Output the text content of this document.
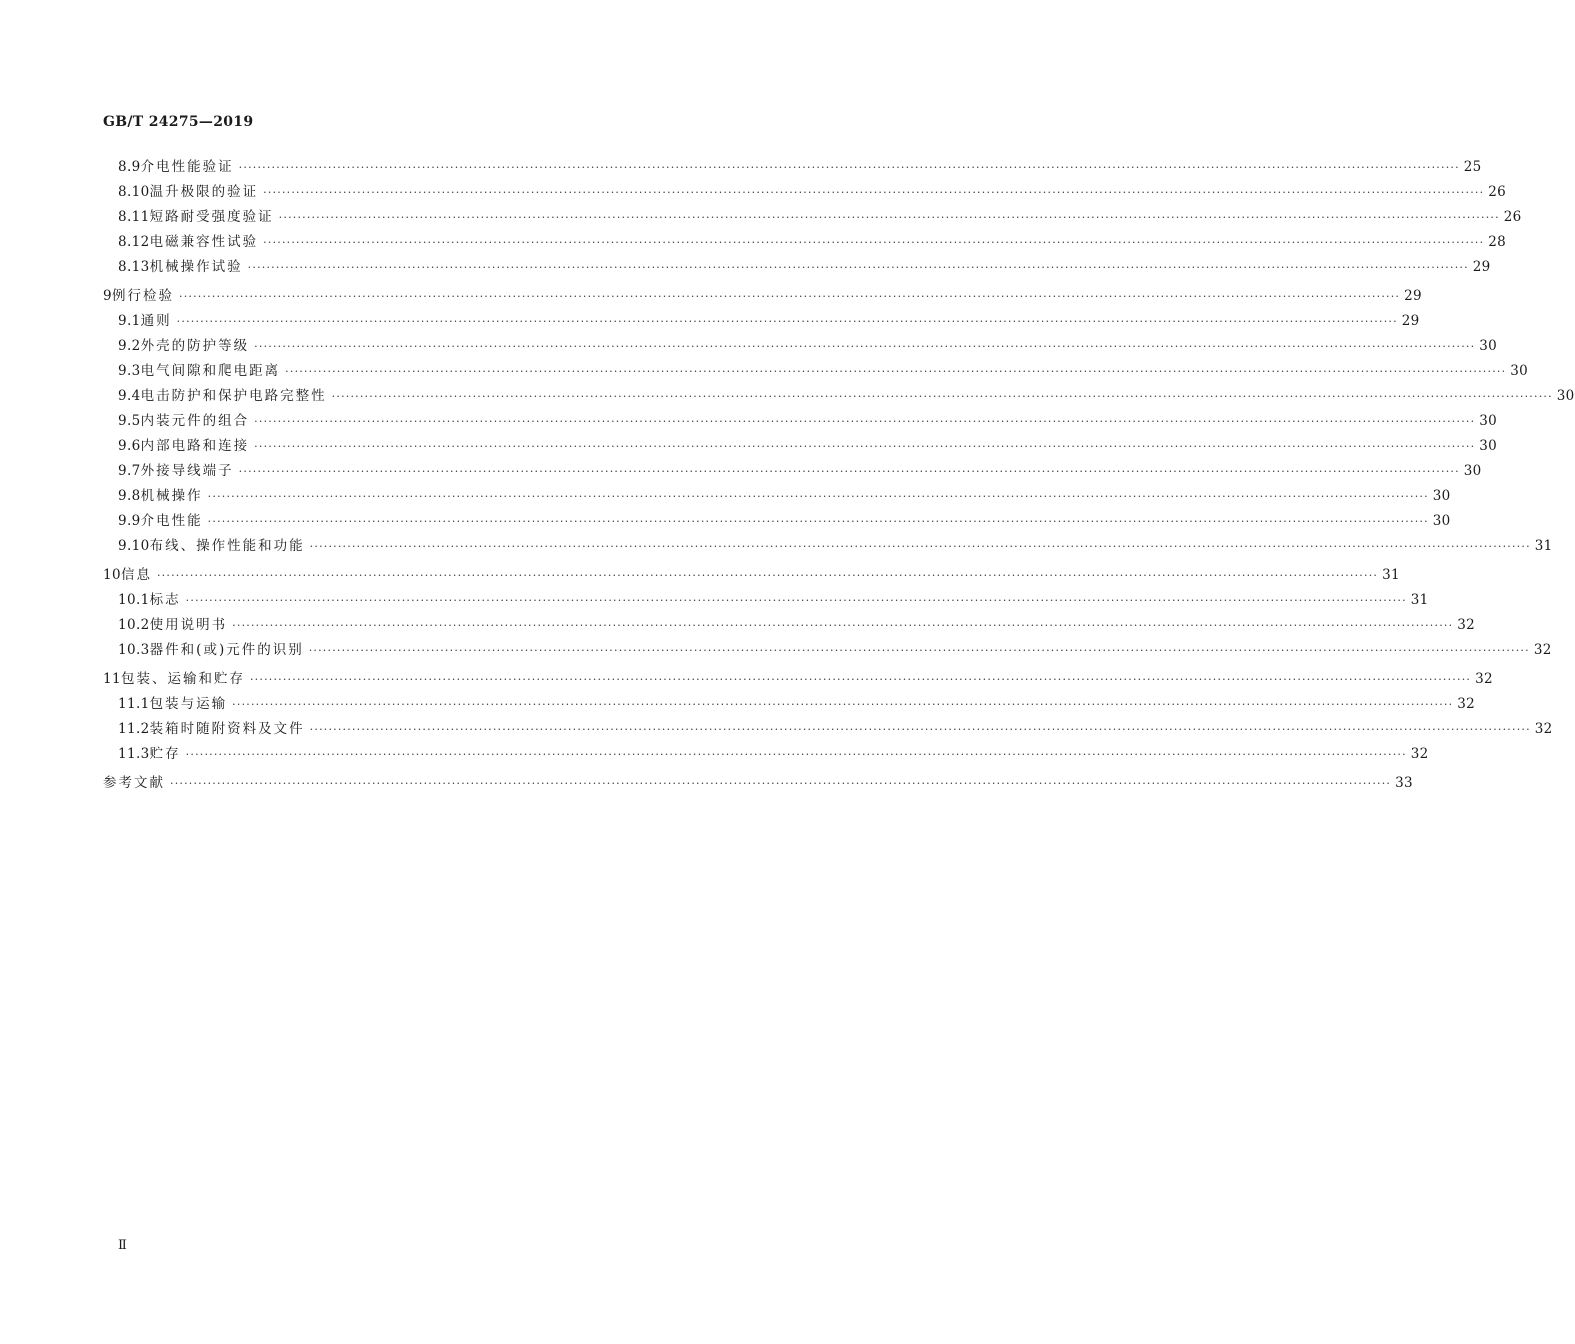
GB/T 24275—2019
8.9 介电性能验证 ···································································································································································································································································· 25
8.10 温升极限的验证 ···································································································································································································································································· 26
8.11 短路耐受强度验证 ···································································································································································································································································· 26
8.12 电磁兼容性试验 ···································································································································································································································································· 28
8.13 机械操作试验 ···································································································································································································································································· 29
9 例行检验 ···································································································································································································································································· 29
9.1 通则 ···································································································································································································································································· 29
9.2 外壳的防护等级 ···································································································································································································································································· 30
9.3 电气间隙和爬电距离 ···································································································································································································································································· 30
9.4 电击防护和保护电路完整性 ···································································································································································································································································· 30
9.5 内装元件的组合 ···································································································································································································································································· 30
9.6 内部电路和连接 ···································································································································································································································································· 30
9.7 外接导线端子 ···································································································································································································································································· 30
9.8 机械操作 ···································································································································································································································································· 30
9.9 介电性能 ···································································································································································································································································· 30
9.10 布线、操作性能和功能 ···································································································································································································································································· 31
10 信息 ···································································································································································································································································· 31
10.1 标志 ···································································································································································································································································· 31
10.2 使用说明书 ···································································································································································································································································· 32
10.3 器件和(或)元件的识别 ···································································································································································································································································· 32
11 包装、运输和贮存 ···································································································································································································································································· 32
11.1 包装与运输 ···································································································································································································································································· 32
11.2 装箱时随附资料及文件 ···································································································································································································································································· 32
11.3 贮存 ···································································································································································································································································· 32
参考文献 ···································································································································································································································································· 33
Ⅱ
